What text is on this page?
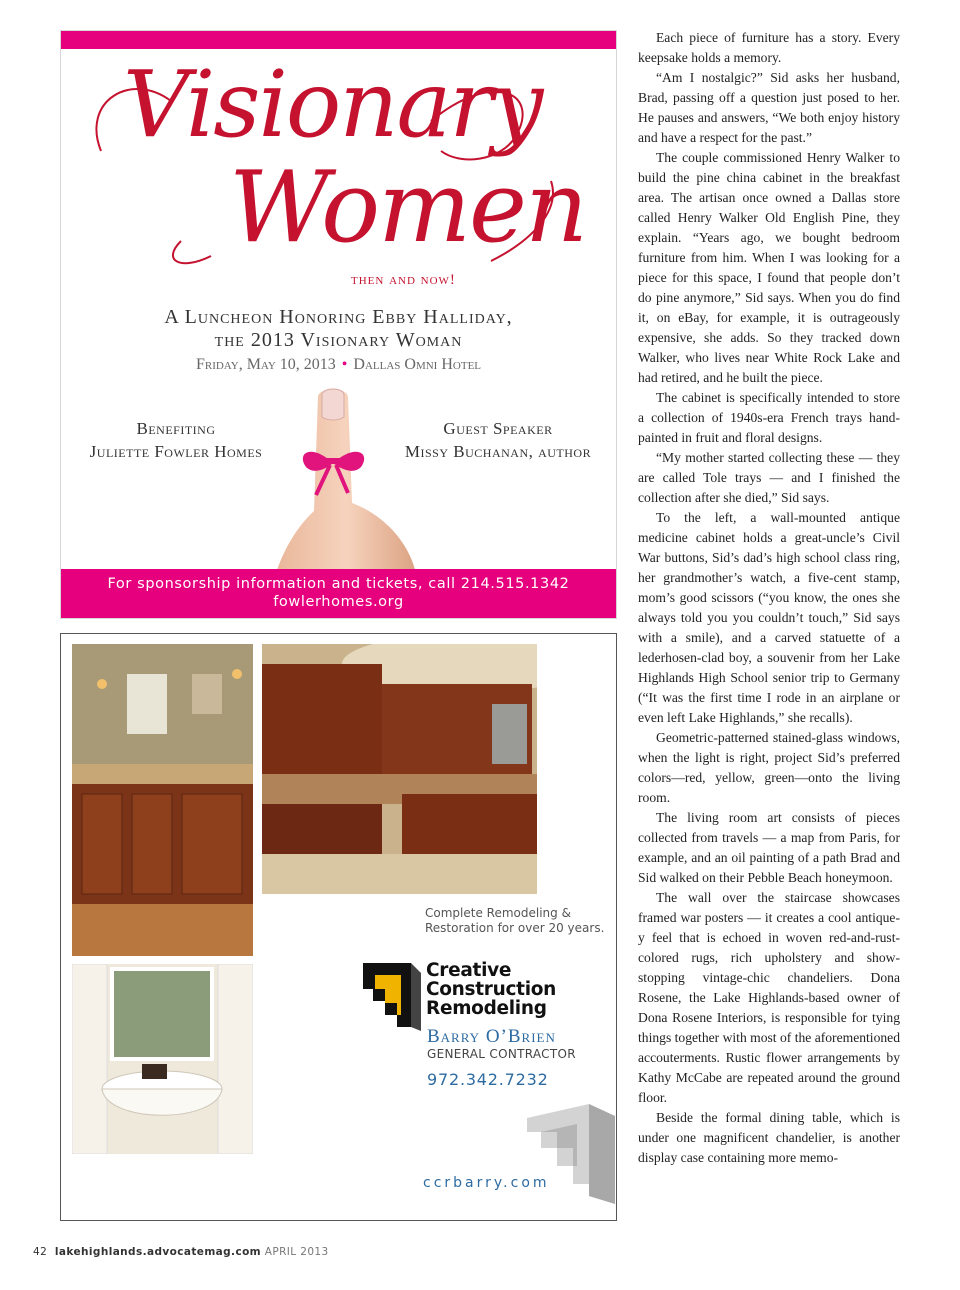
Visionary
Women
then and now!
A Luncheon Honoring Ebby Halliday,
the 2013 Visionary Woman
Friday, May 10, 2013 • Dallas Omni Hotel
Benefiting
Juliette Fowler Homes
Guest Speaker
Missy Buchanan, author
For sponsorship information and tickets, call 214.515.1342
fowlerhomes.org
Complete Remodeling &
Restoration for over 20 years.
Creative
Construction
Remodeling
Barry O’Brien
GENERAL CONTRACTOR
972.342.7232
ccrbarry.com

Each piece of furniture has a story. Every keepsake holds a memory.

“Am I nostalgic?” Sid asks her husband, Brad, passing off a question just posed to her. He pauses and answers, “We both enjoy history and have a respect for the past.”

The couple commissioned Henry Walker to build the pine china cabinet in the breakfast area. The artisan once owned a Dallas store called Henry Walker Old English Pine, they explain. “Years ago, we bought bedroom furniture from him. When I was looking for a piece for this space, I found that people don’t do pine anymore,” Sid says. When you do find it, on eBay, for example, it is outrageously expensive, she adds. So they tracked down Walker, who lives near White Rock Lake and had retired, and he built the piece.

The cabinet is specifically intended to store a collection of 1940s-era French trays hand-painted in fruit and floral designs.

“My mother started collecting these — they are called Tole trays — and I finished the collection after she died,” Sid says.

To the left, a wall-mounted antique medicine cabinet holds a great-uncle’s Civil War buttons, Sid’s dad’s high school class ring, her grandmother’s watch, a five-cent stamp, mom’s good scissors (“you know, the ones she always told you you couldn’t touch,” Sid says with a smile), and a carved statuette of a lederhosen-clad boy, a souvenir from her Lake Highlands High School senior trip to Germany (“It was the first time I rode in an airplane or even left Lake Highlands,” she recalls).

Geometric-patterned stained-glass windows, when the light is right, project Sid’s preferred colors—red, yellow, green—onto the living room.

The living room art consists of pieces collected from travels — a map from Paris, for example, and an oil painting of a path Brad and Sid walked on their Pebble Beach honeymoon.

The wall over the staircase showcases framed war posters — it creates a cool antique-y feel that is echoed in woven red-and-rust-colored rugs, rich upholstery and show-stopping vintage-chic chandeliers. Dona Rosene, the Lake Highlands-based owner of Dona Rosene Interiors, is responsible for tying things together with most of the aforementioned accouterments. Rustic flower arrangements by Kathy McCabe are repeated around the ground floor.

Beside the formal dining table, which is under one magnificent chandelier, is another display case containing more memo-

42 lakehighlands.advocatemag.com APRIL 2013
